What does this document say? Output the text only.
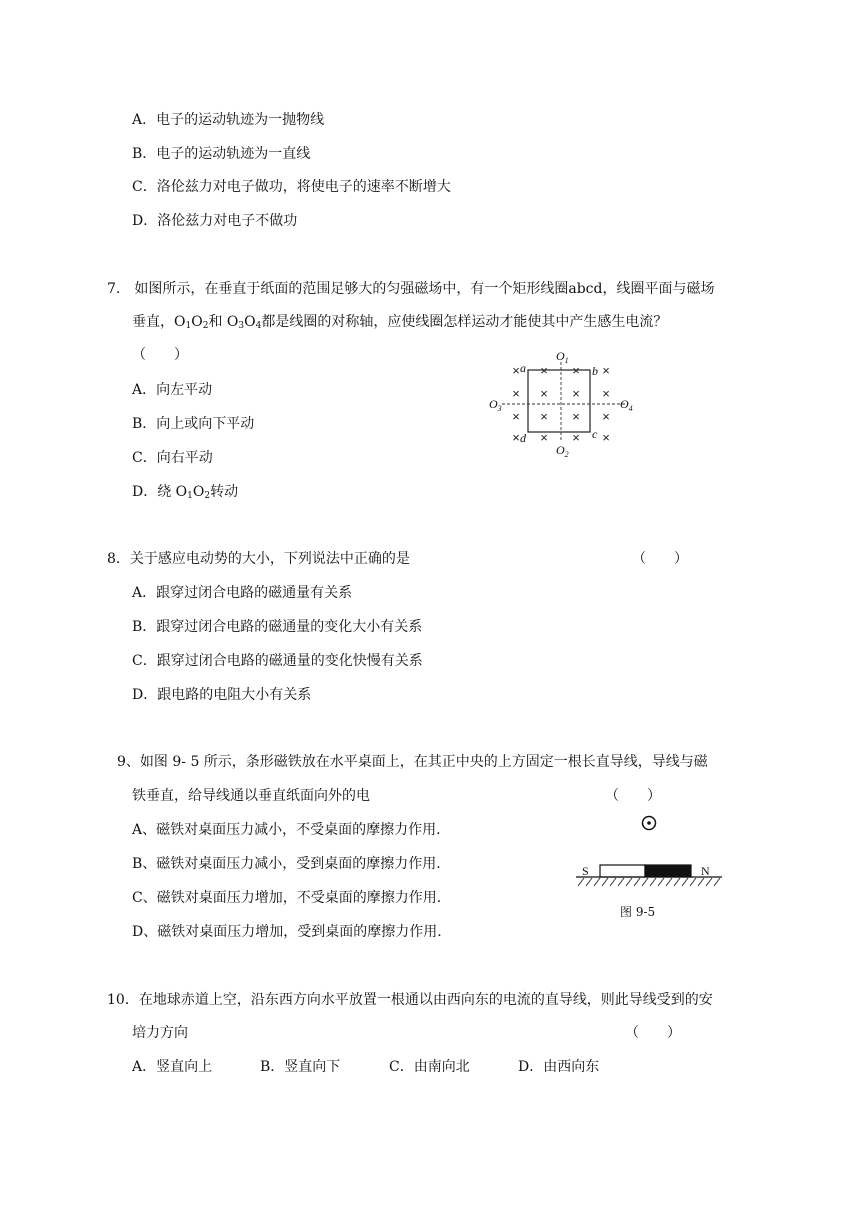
A．电子的运动轨迹为一抛物线
B．电子的运动轨迹为一直线
C．洛伦兹力对电子做功，将使电子的速率不断增大
D．洛伦兹力对电子不做功
7.　如图所示，在垂直于纸面的范围足够大的匀强磁场中，有一个矩形线圈abcd，线圈平面与磁场
垂直，$O_1O_2$和 $O_3O_4$都是线圈的对称轴，应使线圈怎样运动才能使其中产生感生电流？
（　　）
A．向左平动
B．向上或向下平动
C．向右平动
D．绕 $O_1O_2$转动
× × × ×
× × × ×
× × × ×
× × × ×
a	b
c
d
$O_1$
$O_2$
$O_3$	$O_4$
8．关于感应电动势的大小，下列说法中正确的是	（　　）
A．跟穿过闭合电路的磁通量有关系
B．跟穿过闭合电路的磁通量的变化大小有关系
C．跟穿过闭合电路的磁通量的变化快慢有关系
D．跟电路的电阻大小有关系
9、如图 9- 5 所示，条形磁铁放在水平桌面上，在其正中央的上方固定一根长直导线，导线与磁
铁垂直，给导线通以垂直纸面向外的电	（　　）
A、磁铁对桌面压力减小，不受桌面的摩擦力作用.
B、磁铁对桌面压力减小，受到桌面的摩擦力作用.
C、磁铁对桌面压力增加，不受桌面的摩擦力作用.
D、磁铁对桌面压力增加，受到桌面的摩擦力作用.
S	N
图 9-5
10．在地球赤道上空，沿东西方向水平放置一根通以由西向东的电流的直导线，则此导线受到的安
培力方向	（　　）
A．竖直向上	B．竖直向下	C．由南向北	D．由西向东
